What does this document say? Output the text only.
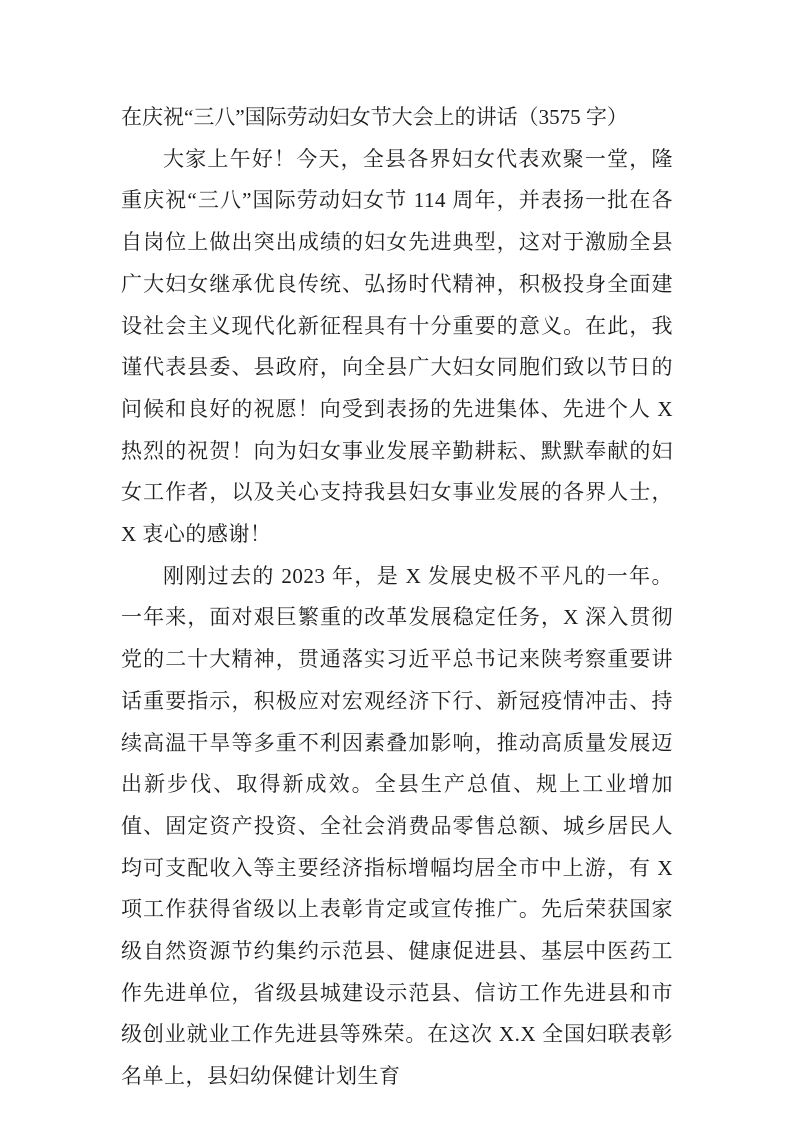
在庆祝“三八”国际劳动妇女节大会上的讲话（3575 字）

大家上午好！今天，全县各界妇女代表欢聚一堂，隆重庆祝“三八”国际劳动妇女节 114 周年，并表扬一批在各自岗位上做出突出成绩的妇女先进典型，这对于激励全县广大妇女继承优良传统、弘扬时代精神，积极投身全面建设社会主义现代化新征程具有十分重要的意义。在此，我谨代表县委、县政府，向全县广大妇女同胞们致以节日的问候和良好的祝愿！向受到表扬的先进集体、先进个人 X 热烈的祝贺！向为妇女事业发展辛勤耕耘、默默奉献的妇女工作者，以及关心支持我县妇女事业发展的各界人士，X 衷心的感谢！

刚刚过去的 2023 年，是 X 发展史极不平凡的一年。一年来，面对艰巨繁重的改革发展稳定任务，X 深入贯彻党的二十大精神，贯通落实习近平总书记来陕考察重要讲话重要指示，积极应对宏观经济下行、新冠疫情冲击、持续高温干旱等多重不利因素叠加影响，推动高质量发展迈出新步伐、取得新成效。全县生产总值、规上工业增加值、固定资产投资、全社会消费品零售总额、城乡居民人均可支配收入等主要经济指标增幅均居全市中上游，有 X 项工作获得省级以上表彰肯定或宣传推广。先后荣获国家级自然资源节约集约示范县、健康促进县、基层中医药工作先进单位，省级县城建设示范县、信访工作先进县和市级创业就业工作先进县等殊荣。在这次 X.X 全国妇联表彰名单上，县妇幼保健计划生育
